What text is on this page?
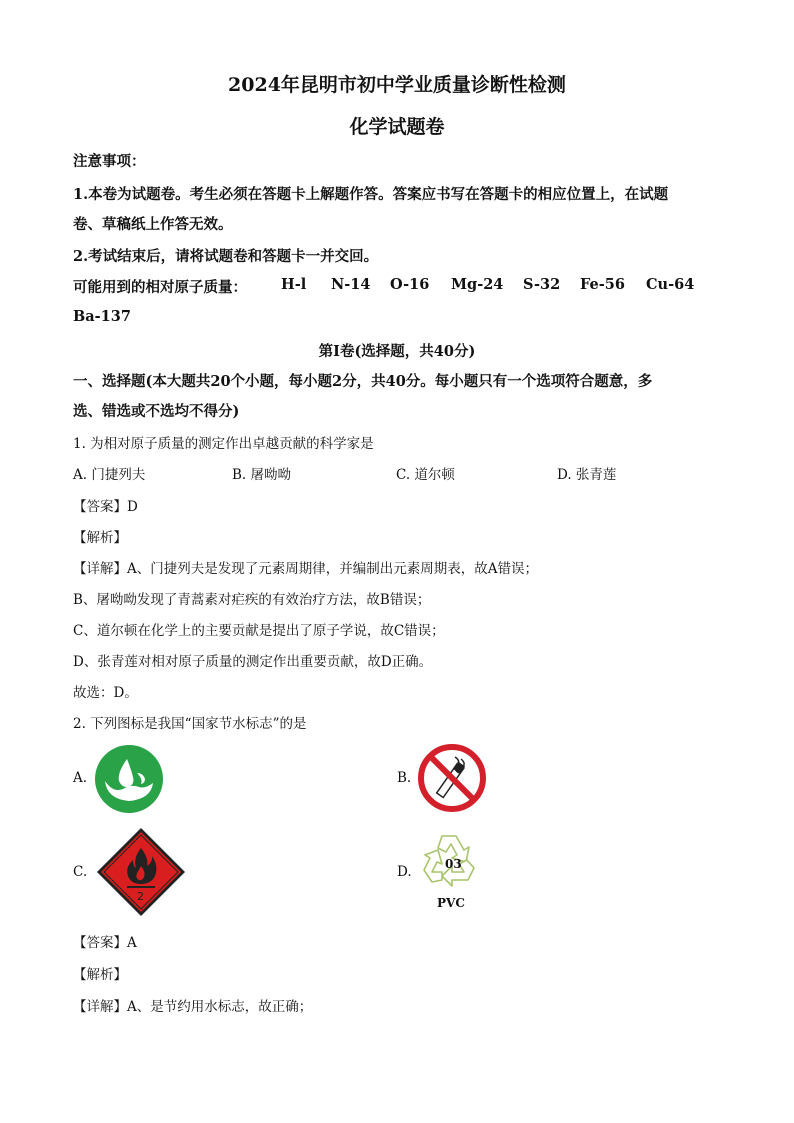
2024年昆明市初中学业质量诊断性检测
化学试题卷
注意事项：
1.本卷为试题卷。考生必须在答题卡上解题作答。答案应书写在答题卡的相应位置上，在试题
卷、草稿纸上作答无效。
2.考试结束后，请将试题卷和答题卡一并交回。
可能用到的相对原子质量： H-l N-14 O-16 Mg-24 S-32 Fe-56 Cu-64
Ba-137
第Ⅰ卷(选择题，共40分)
一、选择题(本大题共20个小题，每小题2分，共40分。每小题只有一个选项符合题意，多
选、错选或不选均不得分)
1. 为相对原子质量的测定作出卓越贡献的科学家是
A. 门捷列夫	B. 屠呦呦	C. 道尔顿	D. 张青莲
【答案】D
【解析】
【详解】A、门捷列夫是发现了元素周期律，并编制出元素周期表，故A错误；
B、屠呦呦发现了青蒿素对疟疾的有效治疗方法，故B错误；
C、道尔顿在化学上的主要贡献是提出了原子学说，故C错误；
D、张青莲对相对原子质量的测定作出重要贡献，故D正确。
故选：D。
2. 下列图标是我国“国家节水标志”的是
A.	B.
C.
2
D.	03
PVC
【答案】A
【解析】
【详解】A、是节约用水标志，故正确；
